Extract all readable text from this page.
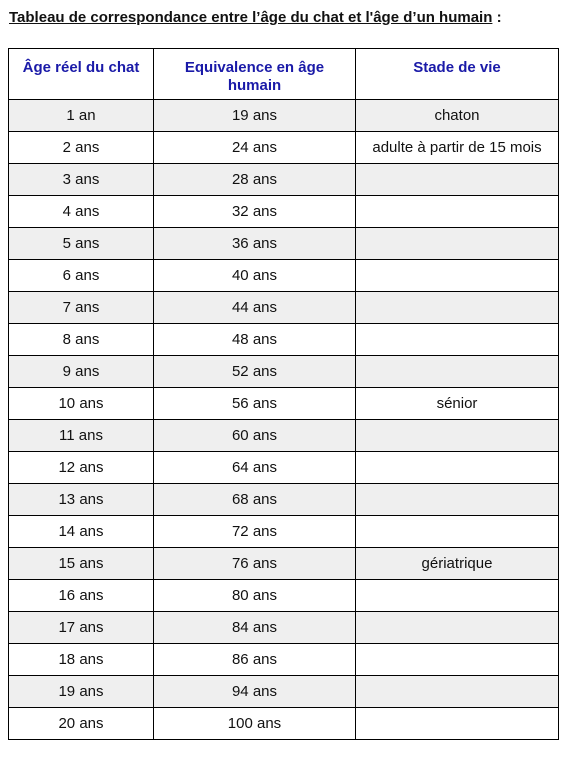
Tableau de correspondance entre l’âge du chat et l'âge d’un humain :
Âge réel du chat	Equivalence en âge humain	Stade de vie
1 an	19 ans	chaton
2 ans	24 ans	adulte à partir de 15 mois
3 ans	28 ans	
4 ans	32 ans	
5 ans	36 ans	
6 ans	40 ans	
7 ans	44 ans	
8 ans	48 ans	
9 ans	52 ans	
10 ans	56 ans	sénior
11 ans	60 ans	
12 ans	64 ans	
13 ans	68 ans	
14 ans	72 ans	
15 ans	76 ans	gériatrique
16 ans	80 ans	
17 ans	84 ans	
18 ans	86 ans	
19 ans	94 ans	
20 ans	100 ans	
